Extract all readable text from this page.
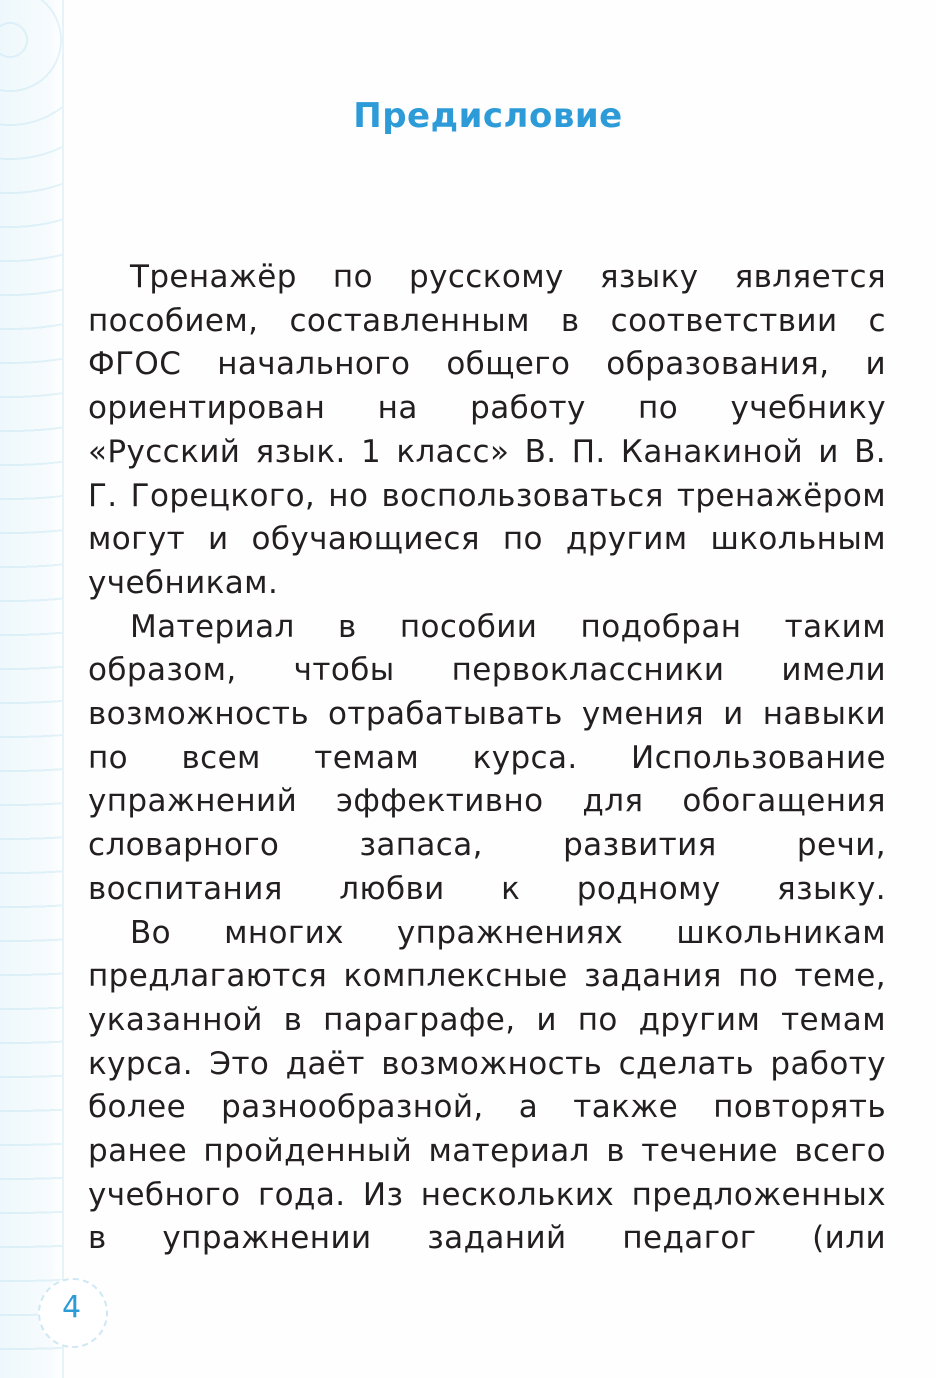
Предисловие

Тренажёр по русскому языку является пособием, составленным в соответствии с ФГОС начального общего образования, и ориентирован на работу по учебнику «Русский язык. 1 класс» В. П. Канакиной и В. Г. Горецкого, но воспользоваться тренажёром могут и обучающиеся по другим школьным учебникам.

Материал в пособии подобран таким образом, чтобы первоклассники имели возможность отрабатывать умения и навыки по всем темам курса. Использование упражнений эффективно для обогащения словарного запаса, развития речи, воспитания любви к родному языку.

Во многих упражнениях школьникам предлагаются комплексные задания по теме, указанной в параграфе, и по другим темам курса. Это даёт возможность сделать работу более разнообразной, а также повторять ранее пройденный материал в течение всего учебного года. Из нескольких предложенных в упражнении заданий педагог (или

4
